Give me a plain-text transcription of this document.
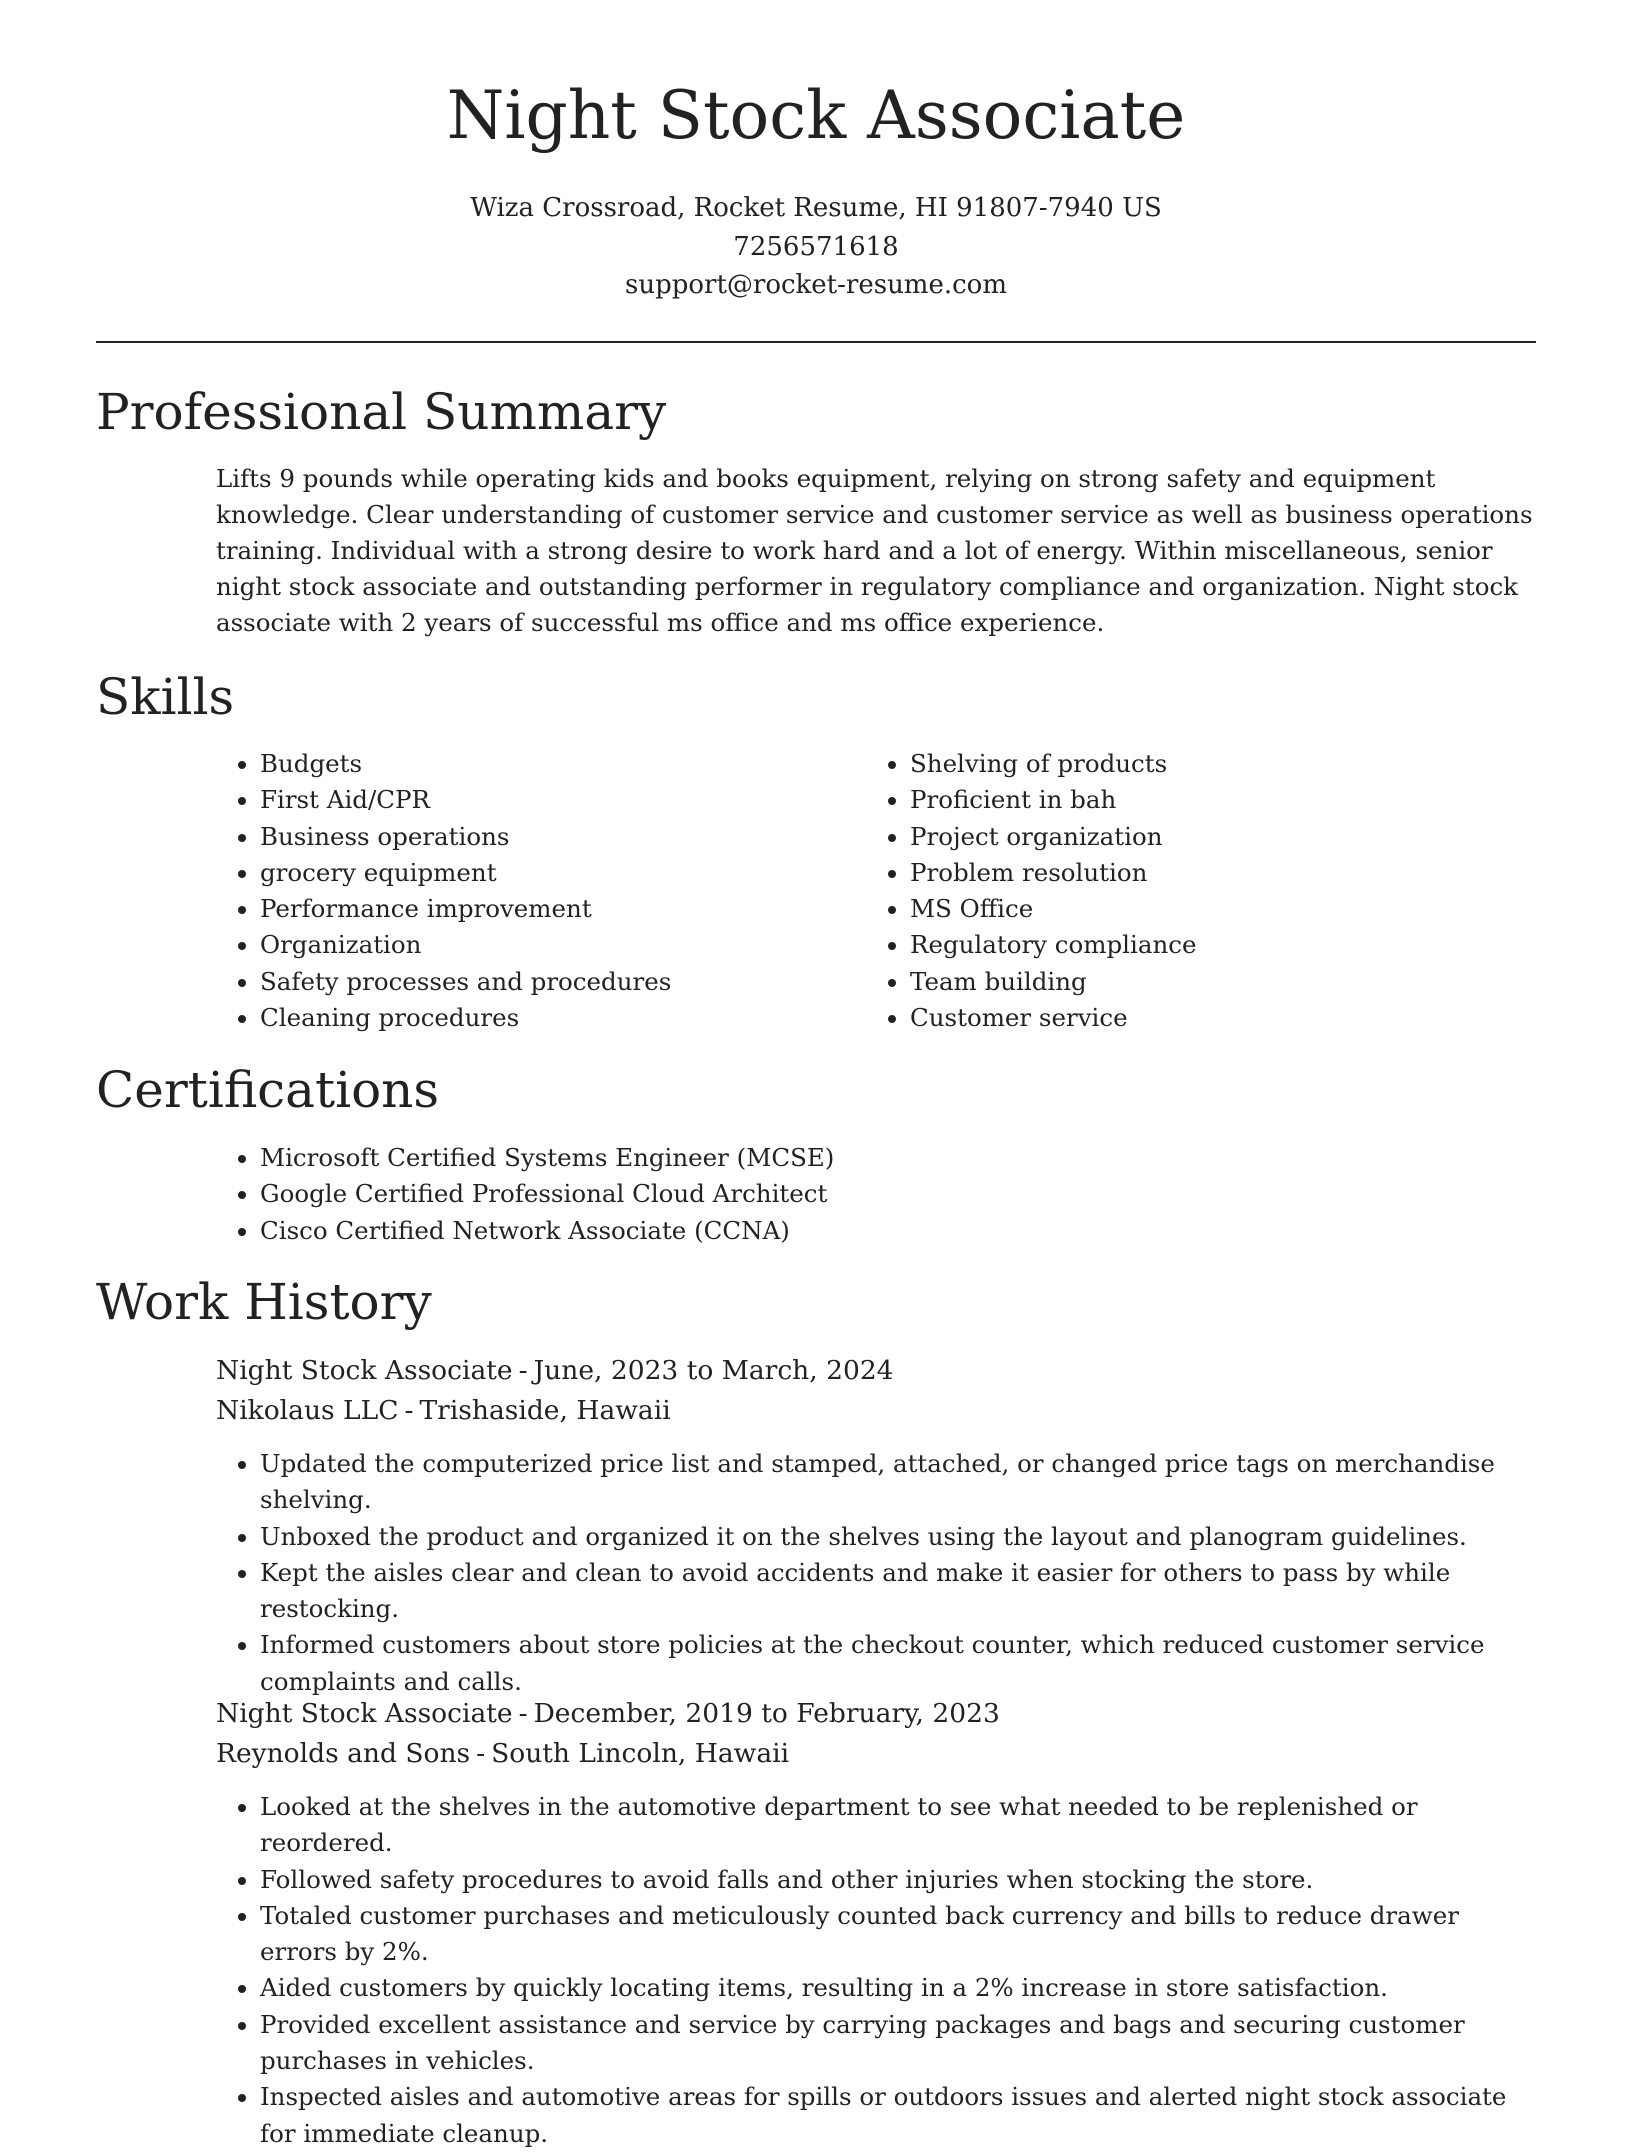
Night Stock Associate
Wiza Crossroad, Rocket Resume, HI 91807-7940 US
7256571618
support@rocket-resume.com
Professional Summary

Lifts 9 pounds while operating kids and books equipment, relying on strong safety and equipment knowledge. Clear understanding of customer service and customer service as well as business operations training. Individual with a strong desire to work hard and a lot of energy. Within miscellaneous, senior night stock associate and outstanding performer in regulatory compliance and organization. Night stock associate with 2 years of successful ms office and ms office experience.

Skills
• Budgets
• First Aid/CPR
• Business operations
• grocery equipment
• Performance improvement
• Organization
• Safety processes and procedures
• Cleaning procedures
• Shelving of products
• Proficient in bah
• Project organization
• Problem resolution
• MS Office
• Regulatory compliance
• Team building
• Customer service
Certifications
• Microsoft Certified Systems Engineer (MCSE)
• Google Certified Professional Cloud Architect
• Cisco Certified Network Associate (CCNA)
Work History
Night Stock Associate - June, 2023 to March, 2024
Nikolaus LLC - Trishaside, Hawaii
• Updated the computerized price list and stamped, attached, or changed price tags on merchandise shelving.
• Unboxed the product and organized it on the shelves using the layout and planogram guidelines.
• Kept the aisles clear and clean to avoid accidents and make it easier for others to pass by while restocking.
• Informed customers about store policies at the checkout counter, which reduced customer service complaints and calls.
Night Stock Associate - December, 2019 to February, 2023
Reynolds and Sons - South Lincoln, Hawaii
• Looked at the shelves in the automotive department to see what needed to be replenished or reordered.
• Followed safety procedures to avoid falls and other injuries when stocking the store.
• Totaled customer purchases and meticulously counted back currency and bills to reduce drawer errors by 2%.
• Aided customers by quickly locating items, resulting in a 2% increase in store satisfaction.
• Provided excellent assistance and service by carrying packages and bags and securing customer purchases in vehicles.
• Inspected aisles and automotive areas for spills or outdoors issues and alerted night stock associate for immediate cleanup.
